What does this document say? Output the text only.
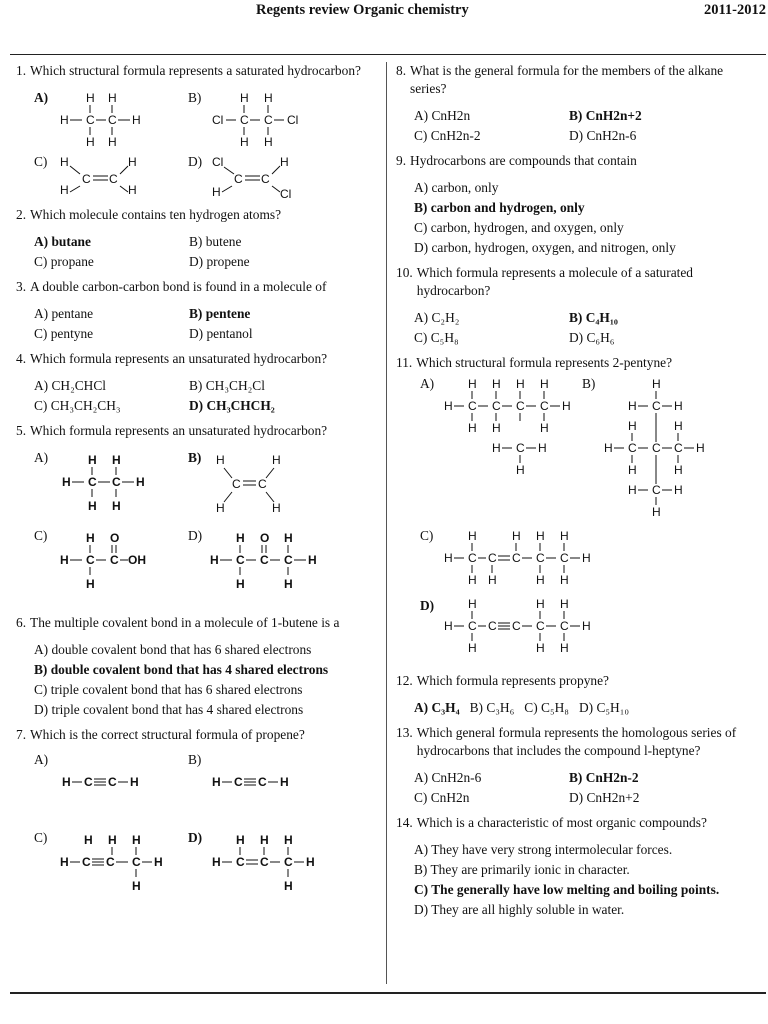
Regents review Organic chemistry	2011-2012
1. Which structural formula represents a saturated hydrocarbon?
A)	B)
C)	D)
H H
H C C H
H H
H H
Cl C C Cl
H H
H	H
C C
H	H
Cl	H
C C
H	Cl
2. Which molecule contains ten hydrogen atoms?
A) butane	B) butene
C) propane	D) propene
3. A double carbon-carbon bond is found in a molecule of
A) pentane	B) pentene
C) pentyne	D) pentanol
4. Which formula represents an unsaturated hydrocarbon?
A) CH₂CHCl	B) CH₃CH₂Cl
C) CH₃CH₂CH₃	D) CH₃CHCH₂
5. Which formula represents an unsaturated hydrocarbon?
A)	B)
C)	D)
H H
H C C H
H H
H	H
C C
H	H
H O
H C C OH
H
H O H
H C C C H
H	H
6. The multiple covalent bond in a molecule of 1-butene is a
A) double covalent bond that has 6 shared electrons
B) double covalent bond that has 4 shared electrons
C) triple covalent bond that has 6 shared electrons
D) triple covalent bond that has 4 shared electrons
7. Which is the correct structural formula of propene?
A)	B)
C)	D)
H C C H	H C C H
H H H
H C C C H
H
H H H
H C C C H
H
8. What is the general formula for the members of the alkane series?
A) CnH2n	B) CnH2n+2
C) CnH2n-2	D) CnH2n-6
9. Hydrocarbons are compounds that contain
A) carbon, only
B) carbon and hydrogen, only
C) carbon, hydrogen, and oxygen, only
D) carbon, hydrogen, oxygen, and nitrogen, only
10. Which formula represents a molecule of a saturated hydrocarbon?
A) C₂H₂	B) C₄H₁₀
C) C₅H₈	D) C₆H₆
11. Which structural formula represents 2-pentyne?
A)	B)
C)
D)
H H H H
H C C C C H
H H	H
H C H
H
H
H C H
H	H
H C C C H
H	H
H C H
H
H	H H H
H C C C C C H
H H	H H
H	H H
H C C C C C H
H	H H
12. Which formula represents propyne?
A) C₃H₄ B) C₃H₆ C) C₅H₈ D) C₅H₁₀
13. Which general formula represents the homologous series of hydrocarbons that includes the compound l-heptyne?
A) CnH2n-6	B) CnH2n-2
C) CnH2n	D) CnH2n+2
14. Which is a characteristic of most organic compounds?
A) They have very strong intermolecular forces.
B) They are primarily ionic in character.
C) The generally have low melting and boiling points.
D) They are all highly soluble in water.
